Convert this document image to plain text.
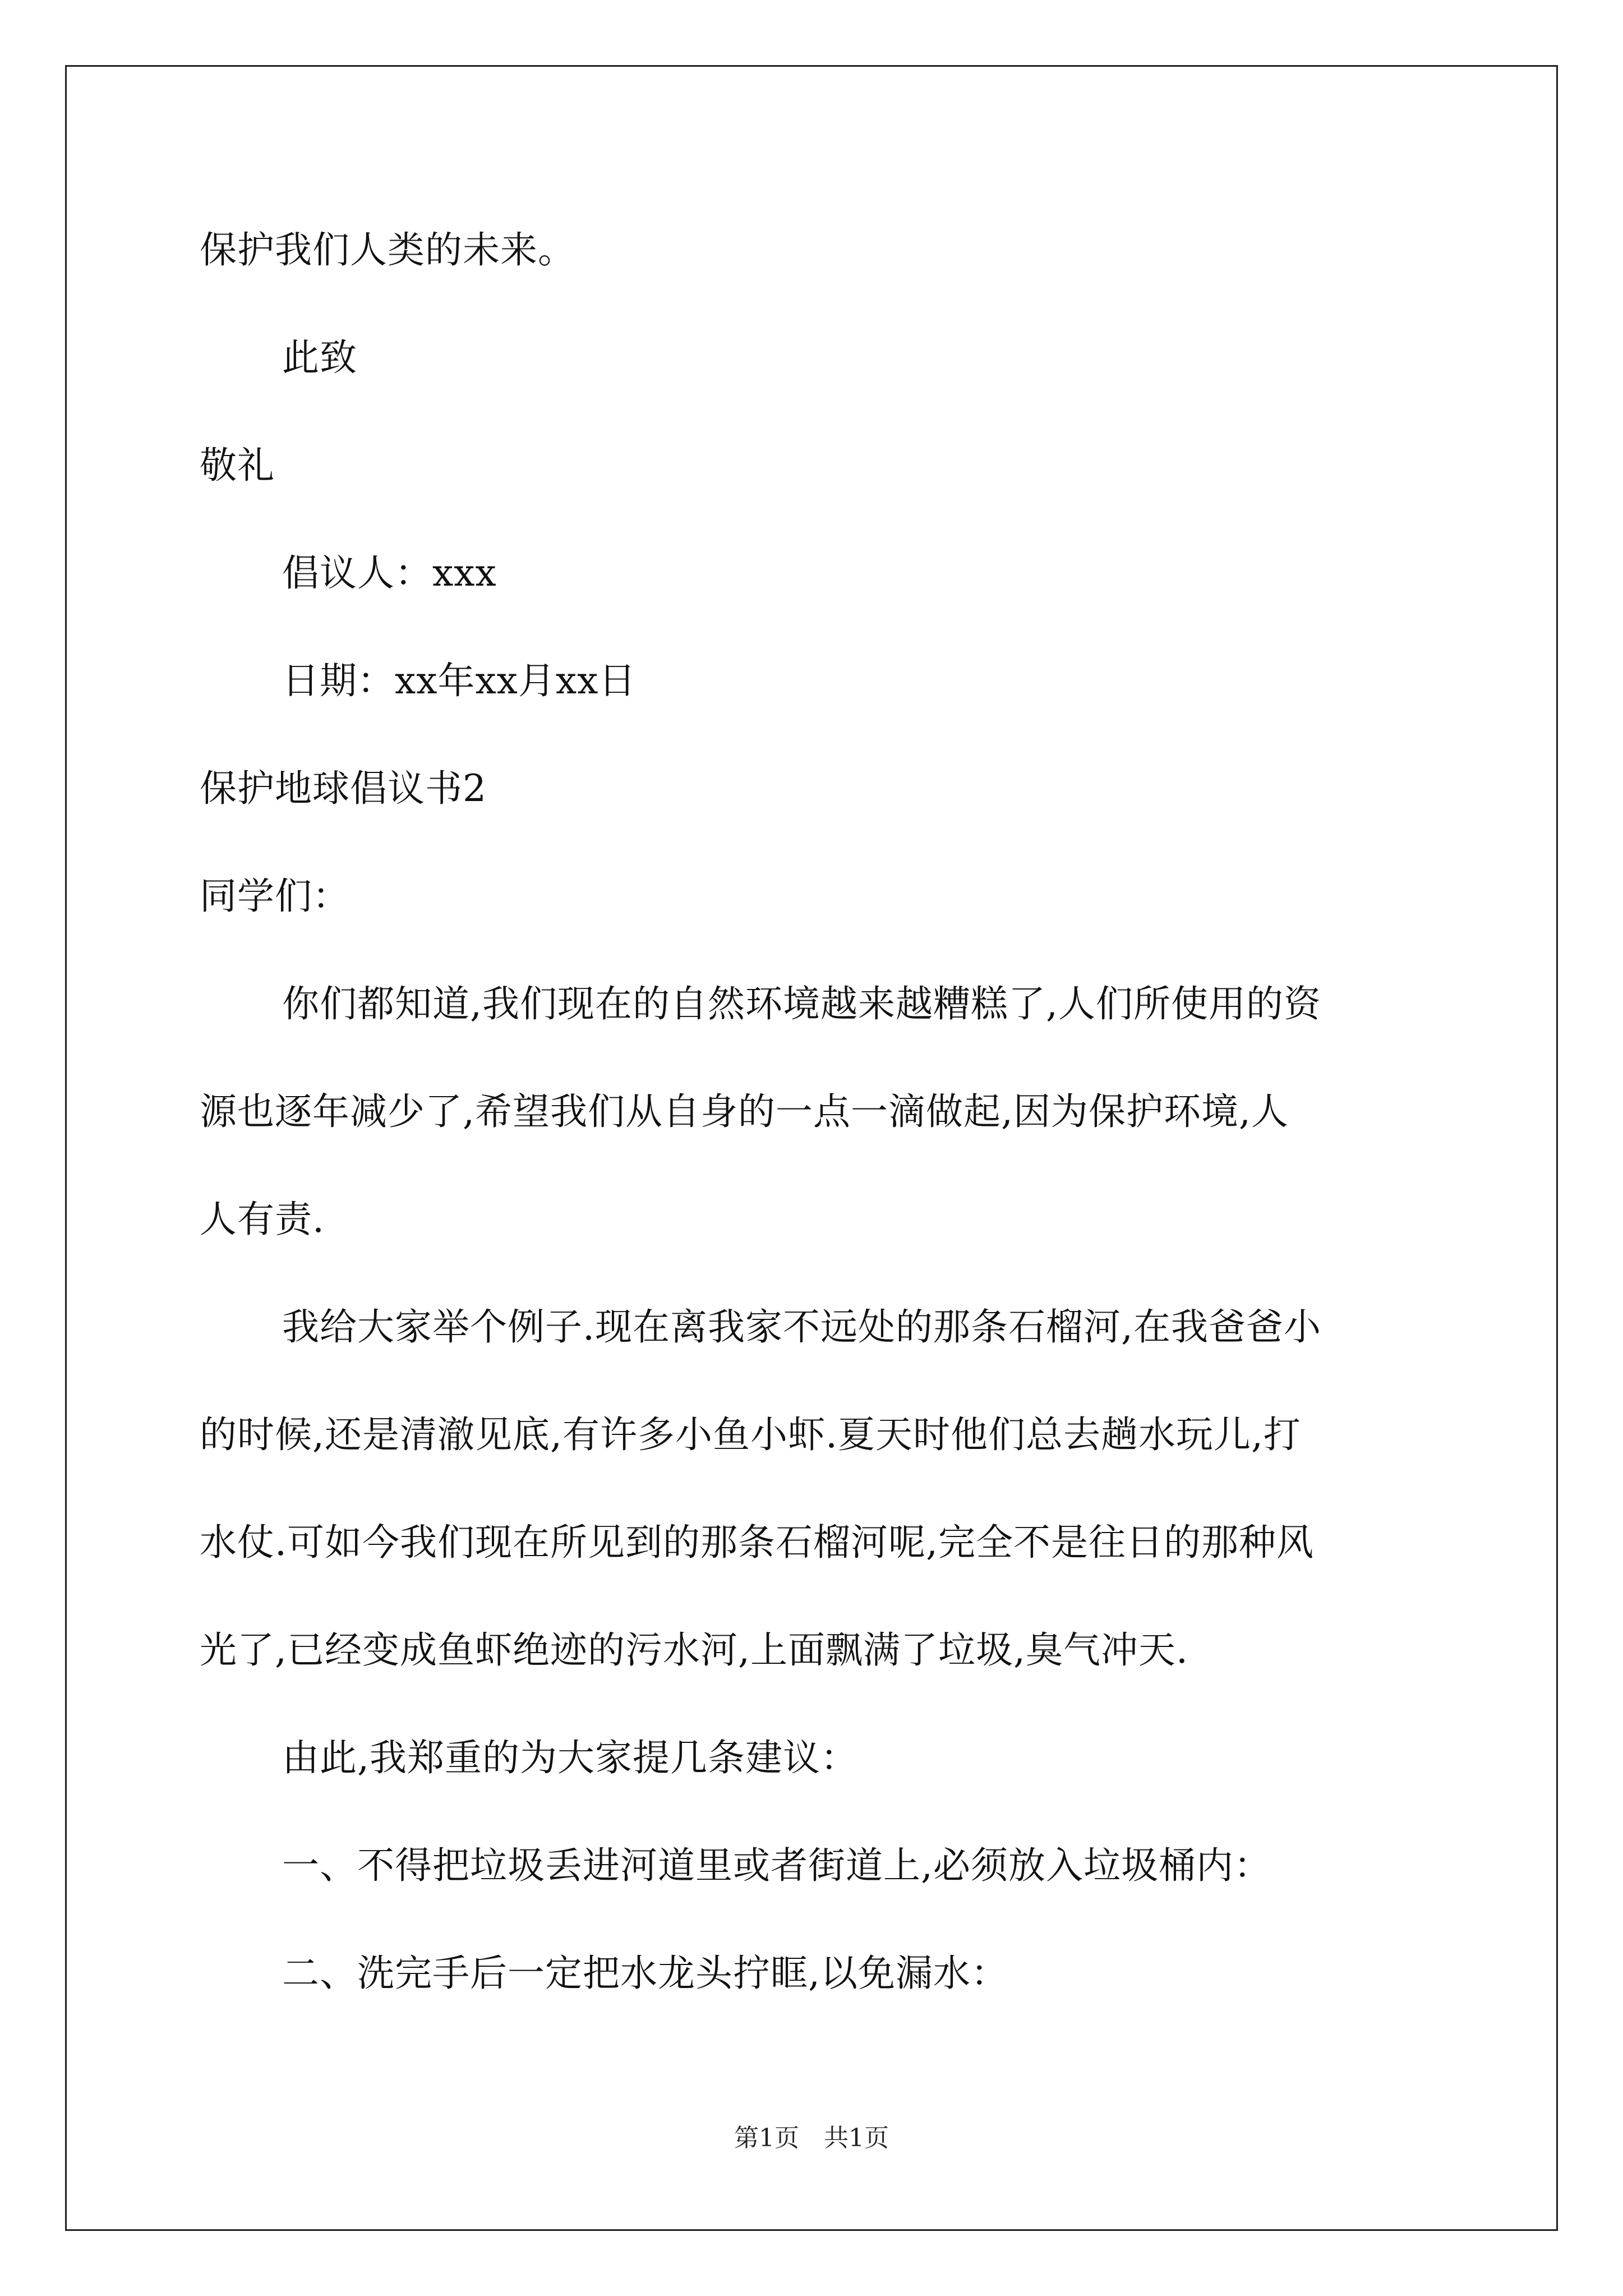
保护我们人类的未来。
此致
敬礼
倡议人：xxx
日期：xx年xx月xx日
保护地球倡议书2
同学们：
你们都知道,我们现在的自然环境越来越糟糕了,人们所使用的资
源也逐年减少了,希望我们从自身的一点一滴做起,因为保护环境,人
人有责.
我给大家举个例子.现在离我家不远处的那条石榴河,在我爸爸小
的时候,还是清澈见底,有许多小鱼小虾.夏天时他们总去趟水玩儿,打
水仗.可如今我们现在所见到的那条石榴河呢,完全不是往日的那种风
光了,已经变成鱼虾绝迹的污水河,上面飘满了垃圾,臭气冲天.
由此,我郑重的为大家提几条建议：
一、不得把垃圾丢进河道里或者街道上,必须放入垃圾桶内：
二、洗完手后一定把水龙头拧眶,以免漏水：
第1页 共1页
